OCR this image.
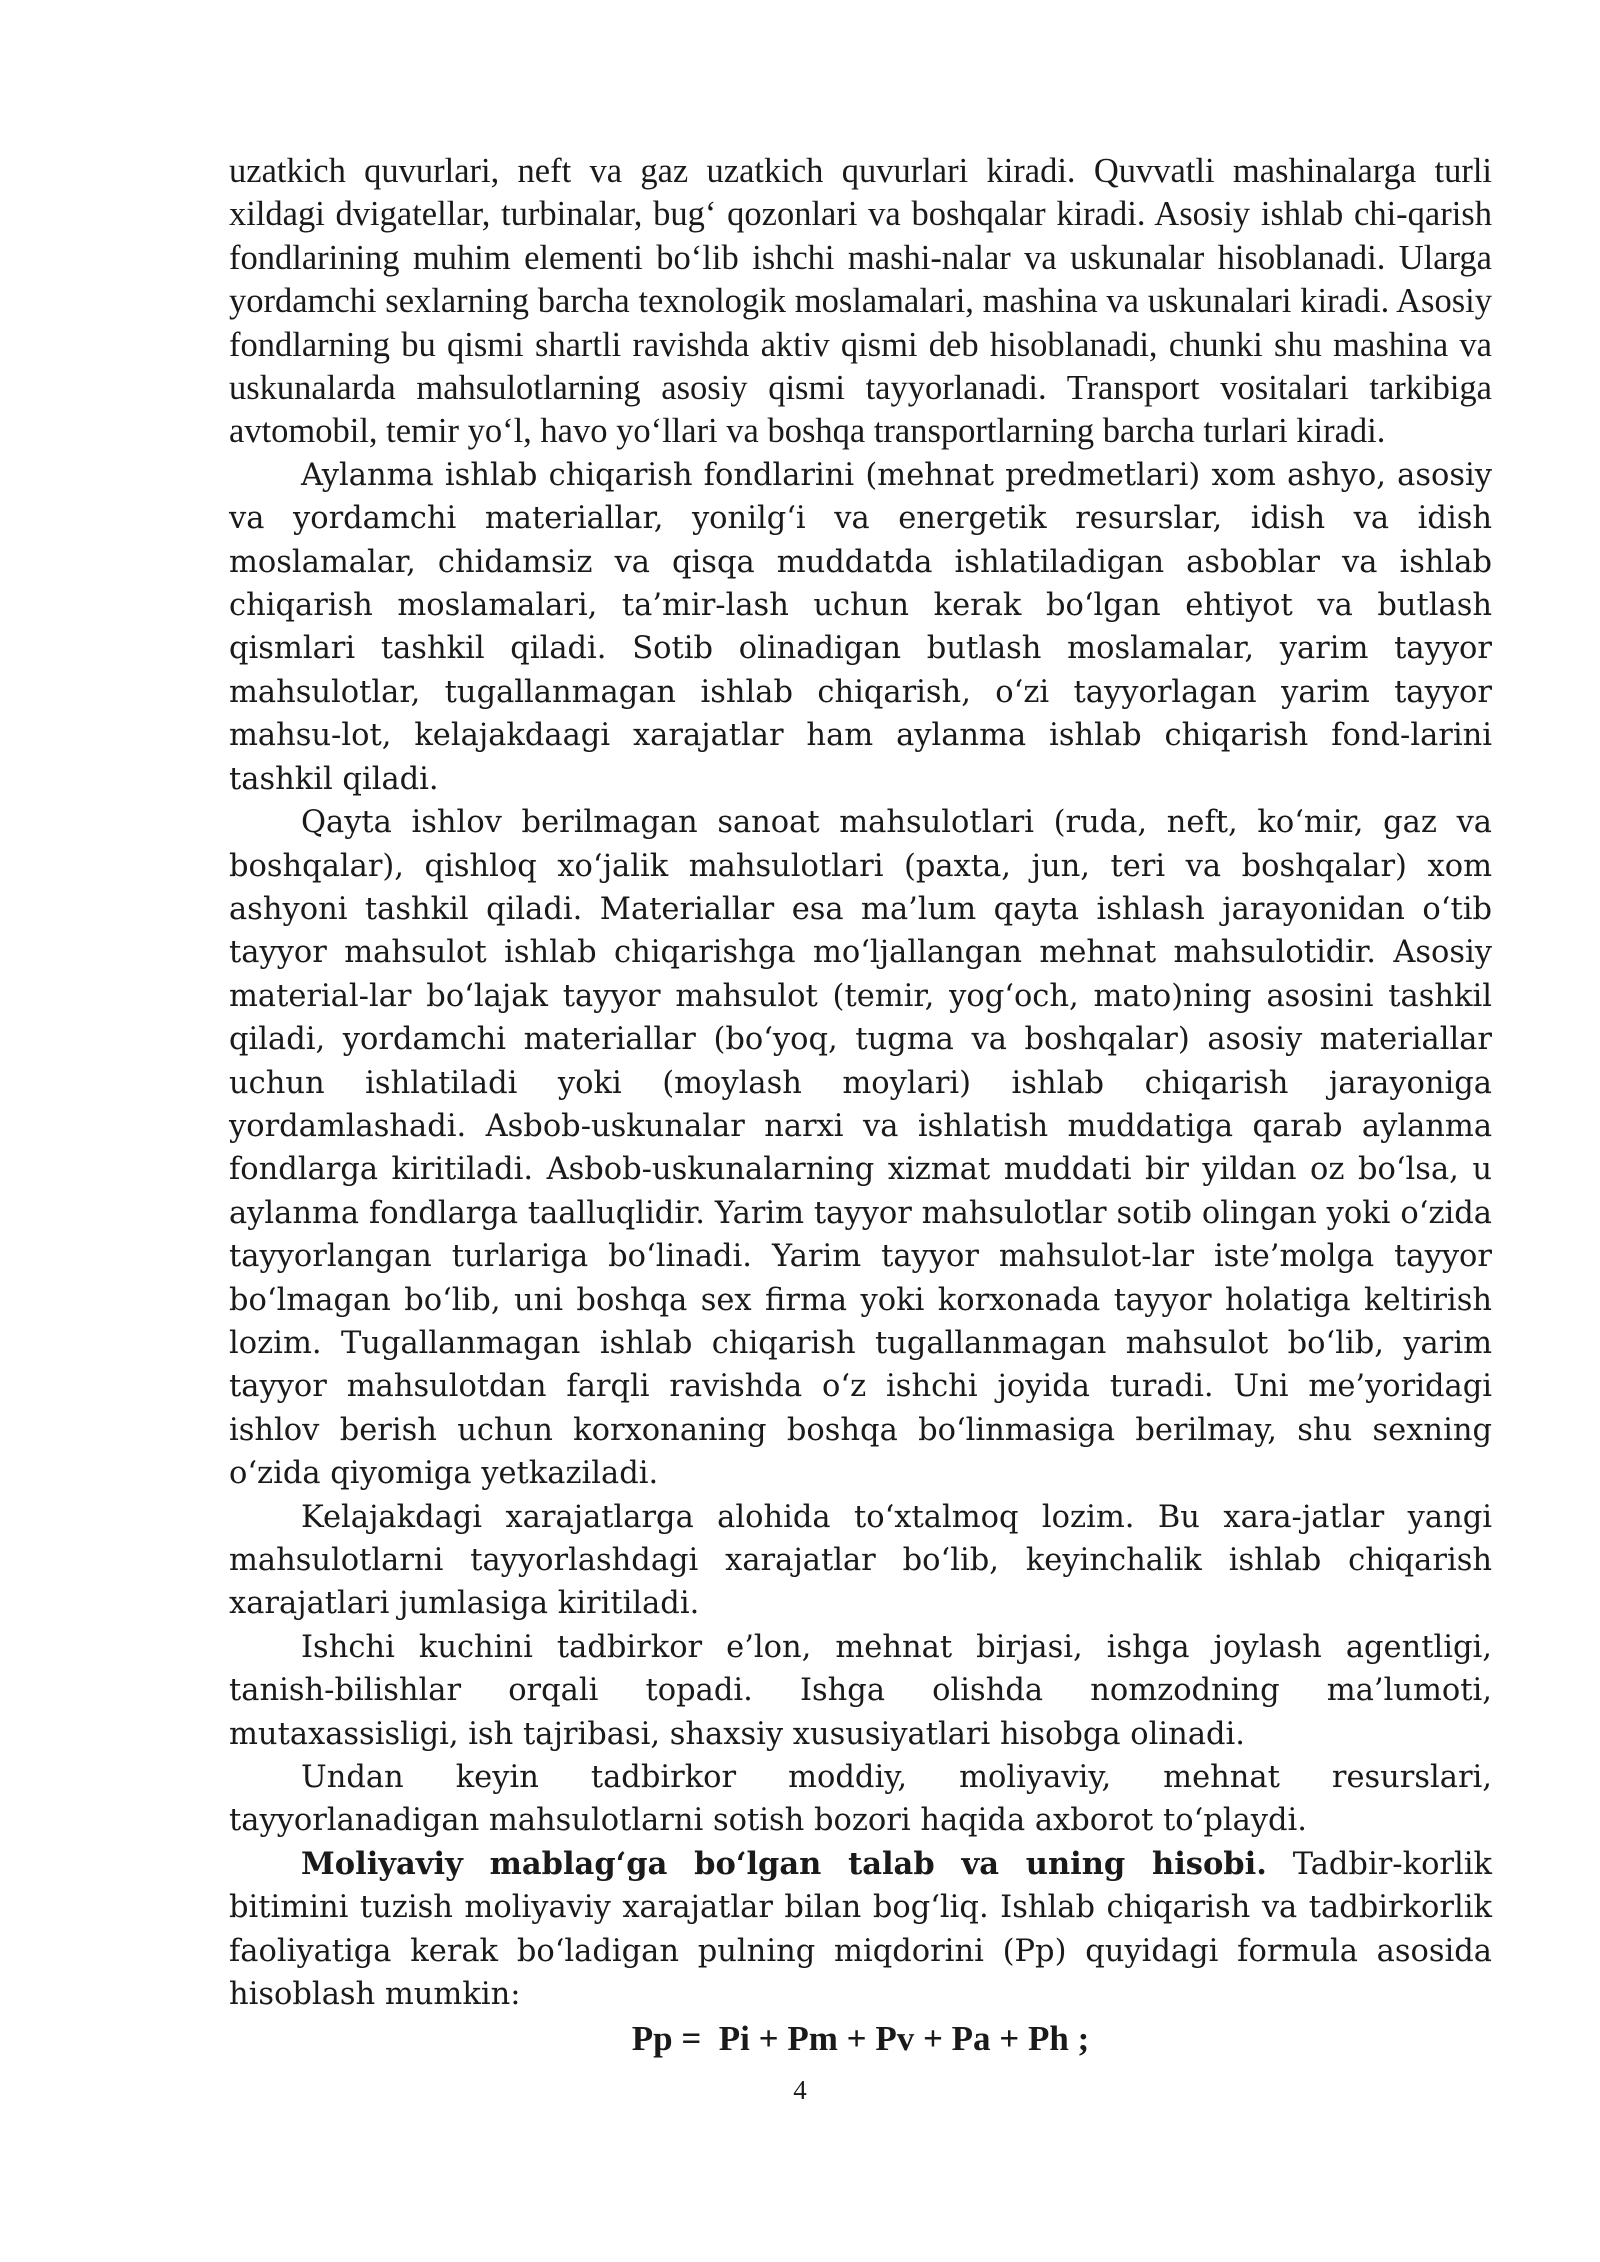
uzatkich quvurlari, neft va gaz uzatkich quvurlari kiradi. Quvvatli mashinalarga turli xildagi dvigatellar, turbinalar, bug‘ qozonlari va boshqalar kiradi. Asosiy ishlab chi-qarish fondlarining muhim elementi bo‘lib ishchi mashi-nalar va uskunalar hisoblanadi. Ularga yordamchi sexlarning barcha texnologik moslamalari, mashina va uskunalari kiradi. Asosiy fondlarning bu qismi shartli ravishda aktiv qismi deb hisoblanadi, chunki shu mashina va uskunalarda mahsulotlarning asosiy qismi tayyorlanadi. Transport vositalari tarkibiga avtomobil, temir yo‘l, havo yo‘llari va boshqa transportlarning barcha turlari kiradi.

Aylanma ishlab chiqarish fondlarini (mehnat predmetlari) xom ashyo, asosiy va yordamchi materiallar, yonilg‘i va energetik resurslar, idish va idish moslamalar, chidamsiz va qisqa muddatda ishlatiladigan asboblar va ishlab chiqarish moslamalari, ta’mir-lash uchun kerak bo‘lgan ehtiyot va butlash qismlari tashkil qiladi. Sotib olinadigan butlash moslamalar, yarim tayyor mahsulotlar, tugallanmagan ishlab chiqarish, o‘zi tayyorlagan yarim tayyor mahsu-lot, kelajakdaagi xarajatlar ham aylanma ishlab chiqarish fond-larini tashkil qiladi.

Qayta ishlov berilmagan sanoat mahsulotlari (ruda, neft, ko‘mir, gaz va boshqalar), qishloq xo‘jalik mahsulotlari (paxta, jun, teri va boshqalar) xom ashyoni tashkil qiladi. Materiallar esa ma’lum qayta ishlash jarayonidan o‘tib tayyor mahsulot ishlab chiqarishga mo‘ljallangan mehnat mahsulotidir. Asosiy material-lar bo‘lajak tayyor mahsulot (temir, yog‘och, mato)ning asosini tashkil qiladi, yordamchi materiallar (bo‘yoq, tugma va boshqalar) asosiy materiallar uchun ishlatiladi yoki (moylash moylari) ishlab chiqarish jarayoniga yordamlashadi. Asbob-uskunalar narxi va ishlatish muddatiga qarab aylanma fondlarga kiritiladi. Asbob-uskunalarning xizmat muddati bir yildan oz bo‘lsa, u aylanma fondlarga taalluqlidir. Yarim tayyor mahsulotlar sotib olingan yoki o‘zida tayyorlangan turlariga bo‘linadi. Yarim tayyor mahsulot-lar iste’molga tayyor bo‘lmagan bo‘lib, uni boshqa sex firma yoki korxonada tayyor holatiga keltirish lozim. Tugallanmagan ishlab chiqarish tugallanmagan mahsulot bo‘lib, yarim tayyor mahsulotdan farqli ravishda o‘z ishchi joyida turadi. Uni me’yoridagi ishlov berish uchun korxonaning boshqa bo‘linmasiga berilmay, shu sexning o‘zida qiyomiga yetkaziladi.

Kelajakdagi xarajatlarga alohida to‘xtalmoq lozim. Bu xara-jatlar yangi mahsulotlarni tayyorlashdagi xarajatlar bo‘lib, keyinchalik ishlab chiqarish xarajatlari jumlasiga kiritiladi.

Ishchi kuchini tadbirkor e’lon, mehnat birjasi, ishga joylash agentligi, tanish-bilishlar orqali topadi. Ishga olishda nomzodning ma’lumoti, mutaxassisligi, ish tajribasi, shaxsiy xususiyatlari hisobga olinadi.

Undan keyin tadbirkor moddiy, moliyaviy, mehnat resurslari, tayyorlanadigan mahsulotlarni sotish bozori haqida axborot to‘playdi.

Moliyaviy mablag‘ga bo‘lgan talab va uning hisobi. Tadbir-korlik bitimini tuzish moliyaviy xarajatlar bilan bog‘liq. Ishlab chiqarish va tadbirkorlik faoliyatiga kerak bo‘ladigan pulning miqdorini (Pp) quyidagi formula asosida hisoblash mumkin:

Pp =  Pi + Pm + Pv + Pa + Ph ;

4
